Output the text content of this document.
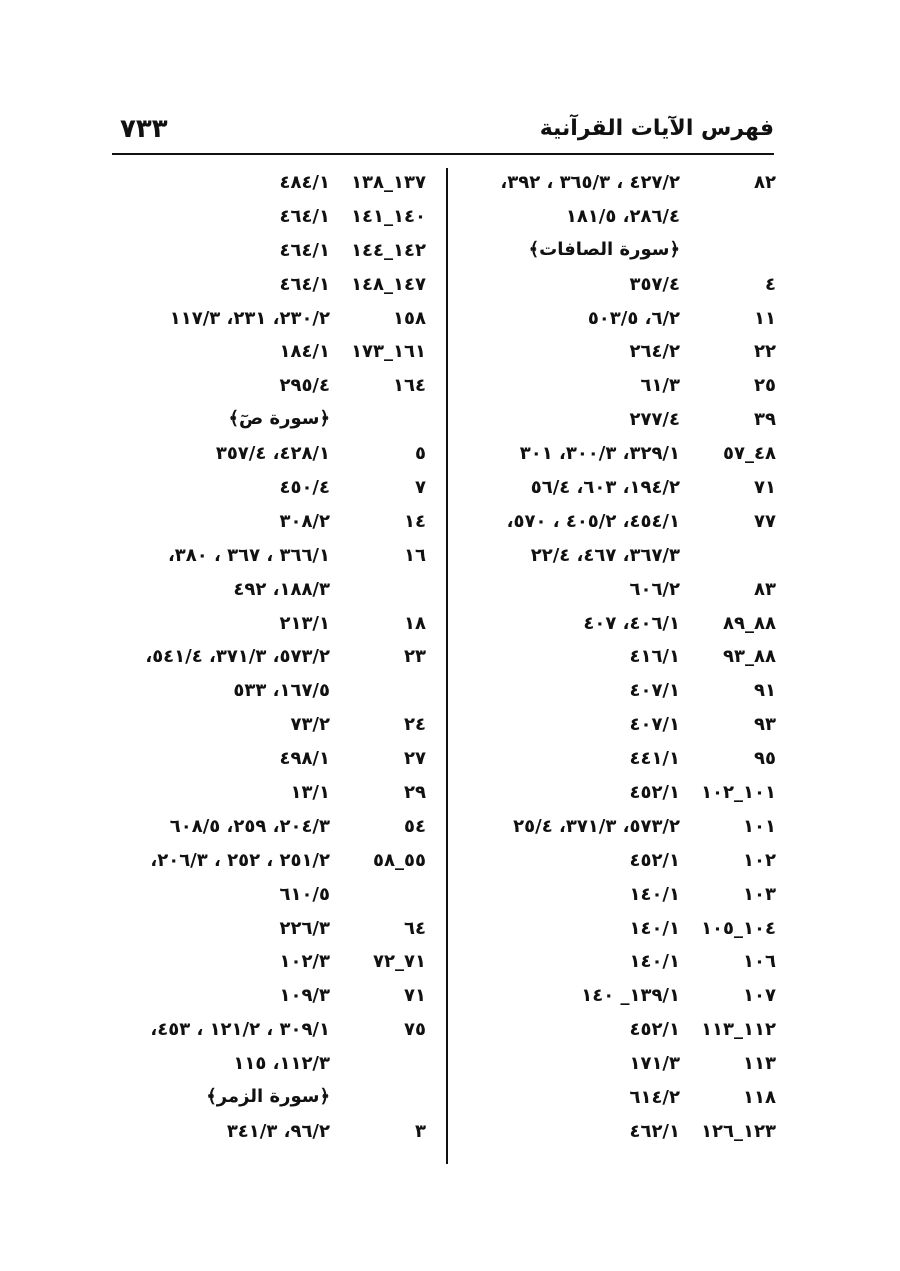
٧٣٣	فهرس الآيات القرآنية
٨٢
٤٢٧/٢ ، ٣٦٥/٣ ، ٣٩٢،
٢٨٦/٤، ١٨١/٥
﴿سورة الصافات﴾
٤
٣٥٧/٤
١١
٦/٢، ٥٠٣/٥
٢٢
٢٦٤/٢
٢٥
٦١/٣
٣٩
٢٧٧/٤
٤٨_٥٧
٣٢٩/١، ٣٠٠/٣، ٣٠١
٧١
١٩٤/٢، ٦٠٣، ٥٦/٤
٧٧
٤٥٤/١، ٤٠٥/٢ ، ٥٧٠،
٣٦٧/٣، ٤٦٧، ٢٢/٤
٨٣
٦٠٦/٢
٨٨_٨٩
٤٠٦/١، ٤٠٧
٨٨_٩٣
٤١٦/١
٩١
٤٠٧/١
٩٣
٤٠٧/١
٩٥
٤٤١/١
١٠١_١٠٢
٤٥٢/١
١٠١
٥٧٣/٢، ٣٧١/٣، ٢٥/٤
١٠٢
٤٥٢/١
١٠٣
١٤٠/١
١٠٤_١٠٥
١٤٠/١
١٠٦
١٤٠/١
١٠٧
١٣٩/١_ ١٤٠
١١٢_١١٣
٤٥٢/١
١١٣
١٧١/٣
١١٨
٦١٤/٢
١٢٣_١٢٦
٤٦٢/١
١٣٧_١٣٨
٤٨٤/١
١٤٠_١٤١
٤٦٤/١
١٤٢_١٤٤
٤٦٤/١
١٤٧_١٤٨
٤٦٤/١
١٥٨
٢٣٠/٢، ٢٣١، ١١٧/٣
١٦١_١٧٣
١٨٤/١
١٦٤
٢٩٥/٤
﴿سورة صٓ﴾
٥
٤٢٨/١، ٣٥٧/٤
٧
٤٥٠/٤
١٤
٣٠٨/٢
١٦
٣٦٦/١ ، ٣٦٧ ، ٣٨٠،
١٨٨/٣، ٤٩٢
١٨
٢١٣/١
٢٣
٥٧٣/٢، ٣٧١/٣، ٥٤١/٤،
١٦٧/٥، ٥٣٣
٢٤
٧٣/٢
٢٧
٤٩٨/١
٢٩
١٣/١
٥٤
٢٠٤/٣، ٢٥٩، ٦٠٨/٥
٥٥_٥٨
٢٥١/٢ ، ٢٥٢ ، ٢٠٦/٣،
٦١٠/٥
٦٤
٢٢٦/٣
٧١_٧٢
١٠٢/٣
٧١
١٠٩/٣
٧٥
٣٠٩/١ ، ١٢١/٢ ، ٤٥٣،
١١٢/٣، ١١٥
﴿سورة الزمر﴾
٣
٩٦/٢، ٣٤١/٣
